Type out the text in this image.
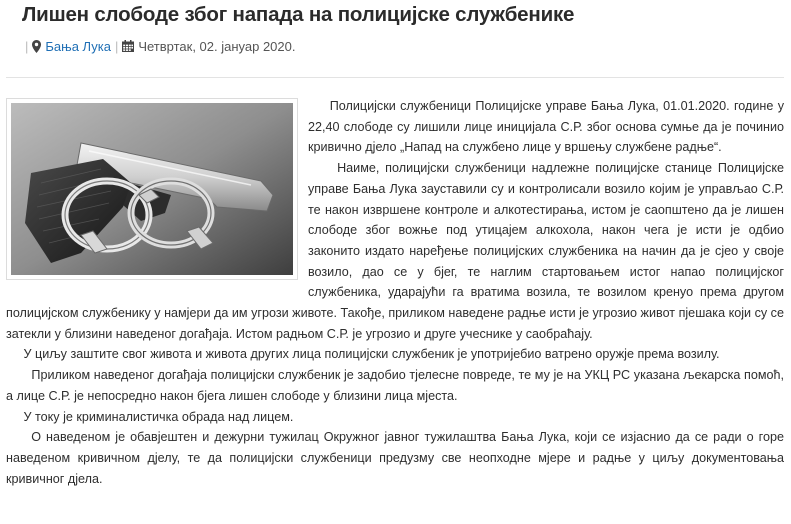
Лишен слободе због напада на полицијске службенике
| Бања Лука | Четвртак, 02. јануар 2020.

Полицијски службеници Полицијске управе Бања Лука, 01.01.2020. године у 22,40 слободе су лишили лице иницијала С.Р. због основа сумње да је починио кривично дјело „Напад на службено лице у вршењу службене радње“.

Наиме, полицијски службеници надлежне полицијске станице Полицијске управе Бања Лука зауставили су и контролисали возило којим је управљао С.Р. те након извршене контроле и алкотестирања, истом је саопштено да је лишен слободе због вожње под утицајем алкохола, након чега је исти је одбио законито издато наређење полицијских службеника на начин да је сјео у своје возило, дао се у бјег, те наглим стартовањем истог напао полицијског службеника, ударајући га вратима возила, те возилом кренуо према другом полицијском службенику у намјери да им угрози животе. Такође, приликом наведене радње исти је угрозио живот пјешака који су се затекли у близини наведеног догађаја. Истом радњом С.Р. је угрозио и друге учеснике у саобраћају.

У циљу заштите свог живота и живота других лица полицијски службеник је употријебио ватрено оружје према возилу.

Приликом наведеног догађаја полицијски службеник је задобио тјелесне повреде, те му је на УКЦ РС указана љекарска помоћ, а лице С.Р. је непосредно након бјега лишен слободе у близини лица мјеста.

У току је криминалистичка обрада над лицем.

О наведеном је обавјештен и дежурни тужилац Окружног јавног тужилаштва Бања Лука, који се изјаснио да се ради о горе наведеном кривичном дјелу, те да полицијски службеници предузму све неопходне мјере и радње у циљу документовања кривичног дјела.
